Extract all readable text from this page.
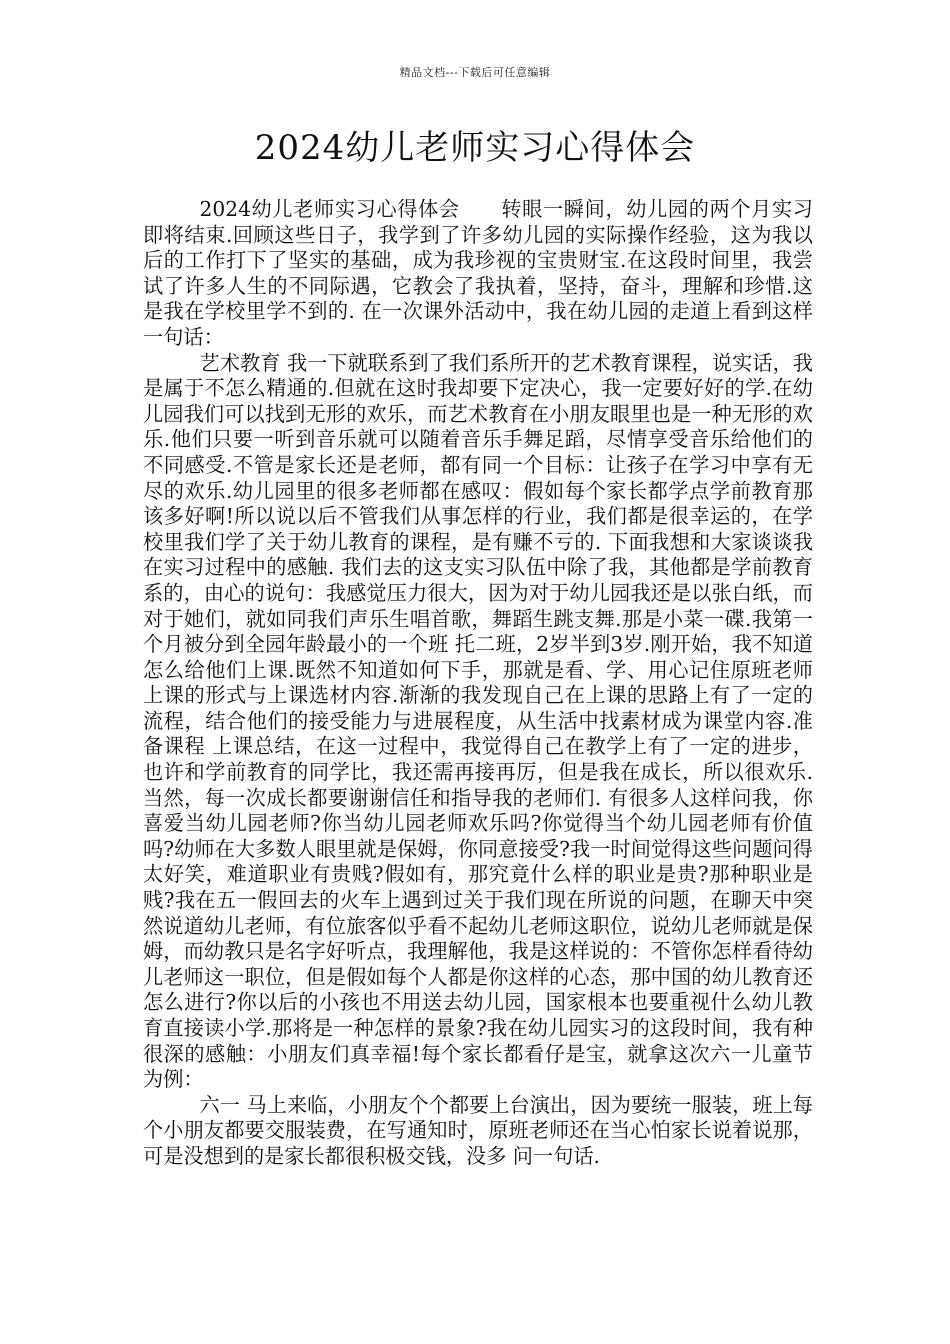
精品文档---下载后可任意编辑
2024幼儿老师实习心得体会

2024幼儿老师实习心得体会　　转眼一瞬间，幼儿园的两个月实习即将结束.回顾这些日子，我学到了许多幼儿园的实际操作经验，这为我以后的工作打下了坚实的基础，成为我珍视的宝贵财宝.在这段时间里，我尝试了许多人生的不同际遇，它教会了我执着，坚持，奋斗，理解和珍惜.这是我在学校里学不到的. 在一次课外活动中，我在幼儿园的走道上看到这样一句话：

艺术教育 我一下就联系到了我们系所开的艺术教育课程，说实话，我是属于不怎么精通的.但就在这时我却要下定决心，我一定要好好的学.在幼儿园我们可以找到无形的欢乐，而艺术教育在小朋友眼里也是一种无形的欢乐.他们只要一听到音乐就可以随着音乐手舞足蹈，尽情享受音乐给他们的不同感受.不管是家长还是老师，都有同一个目标：让孩子在学习中享有无尽的欢乐.幼儿园里的很多老师都在感叹：假如每个家长都学点学前教育那该多好啊!所以说以后不管我们从事怎样的行业，我们都是很幸运的，在学校里我们学了关于幼儿教育的课程，是有赚不亏的. 下面我想和大家谈谈我在实习过程中的感触. 我们去的这支实习队伍中除了我，其他都是学前教育系的，由心的说句：我感觉压力很大，因为对于幼儿园我还是以张白纸，而对于她们，就如同我们声乐生唱首歌，舞蹈生跳支舞.那是小菜一碟.我第一个月被分到全园年龄最小的一个班 托二班，2岁半到3岁.刚开始，我不知道怎么给他们上课.既然不知道如何下手，那就是看、学、用心记住原班老师上课的形式与上课选材内容.渐渐的我发现自己在上课的思路上有了一定的流程，结合他们的接受能力与进展程度，从生活中找素材成为课堂内容.准备课程 上课总结，在这一过程中，我觉得自己在教学上有了一定的进步，也许和学前教育的同学比，我还需再接再厉，但是我在成长，所以很欢乐.当然，每一次成长都要谢谢信任和指导我的老师们. 有很多人这样问我，你喜爱当幼儿园老师?你当幼儿园老师欢乐吗?你觉得当个幼儿园老师有价值吗?幼师在大多数人眼里就是保姆，你同意接受?我一时间觉得这些问题问得太好笑，难道职业有贵贱?假如有，那究竟什么样的职业是贵?那种职业是贱?我在五一假回去的火车上遇到过关于我们现在所说的问题，在聊天中突然说道幼儿老师，有位旅客似乎看不起幼儿老师这职位，说幼儿老师就是保姆，而幼教只是名字好听点，我理解他，我是这样说的：不管你怎样看待幼儿老师这一职位，但是假如每个人都是你这样的心态，那中国的幼儿教育还怎么进行?你以后的小孩也不用送去幼儿园，国家根本也要重视什么幼儿教育直接读小学.那将是一种怎样的景象?我在幼儿园实习的这段时间，我有种很深的感触：小朋友们真幸福!每个家长都看仔是宝，就拿这次六一儿童节为例：

六一 马上来临，小朋友个个都要上台演出，因为要统一服装，班上每个小朋友都要交服装费，在写通知时，原班老师还在当心怕家长说着说那，可是没想到的是家长都很积极交钱，没多 问一句话.
